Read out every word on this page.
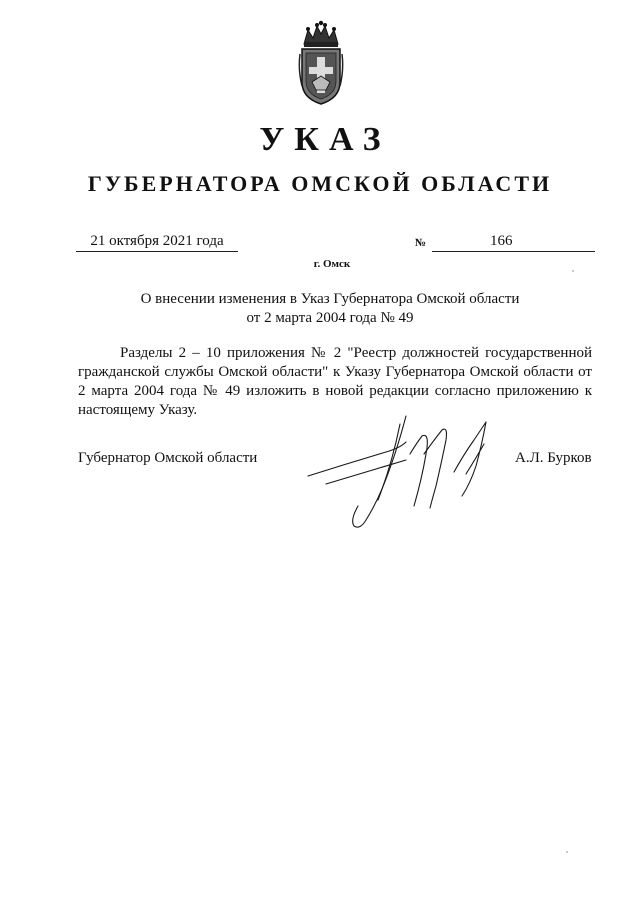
УКАЗ
ГУБЕРНАТОРА ОМСКОЙ ОБЛАСТИ
21 октября 2021 года	№	166
г. Омск
О внесении изменения в Указ Губернатора Омской области
от 2 марта 2004 года № 49
Разделы 2 – 10 приложения № 2 "Реестр должностей государственной гражданской службы Омской области" к Указу Губернатора Омской области от 2 марта 2004 года № 49 изложить в новой редакции согласно приложению к настоящему Указу.
Губернатор Омской области	А.Л. Бурков
